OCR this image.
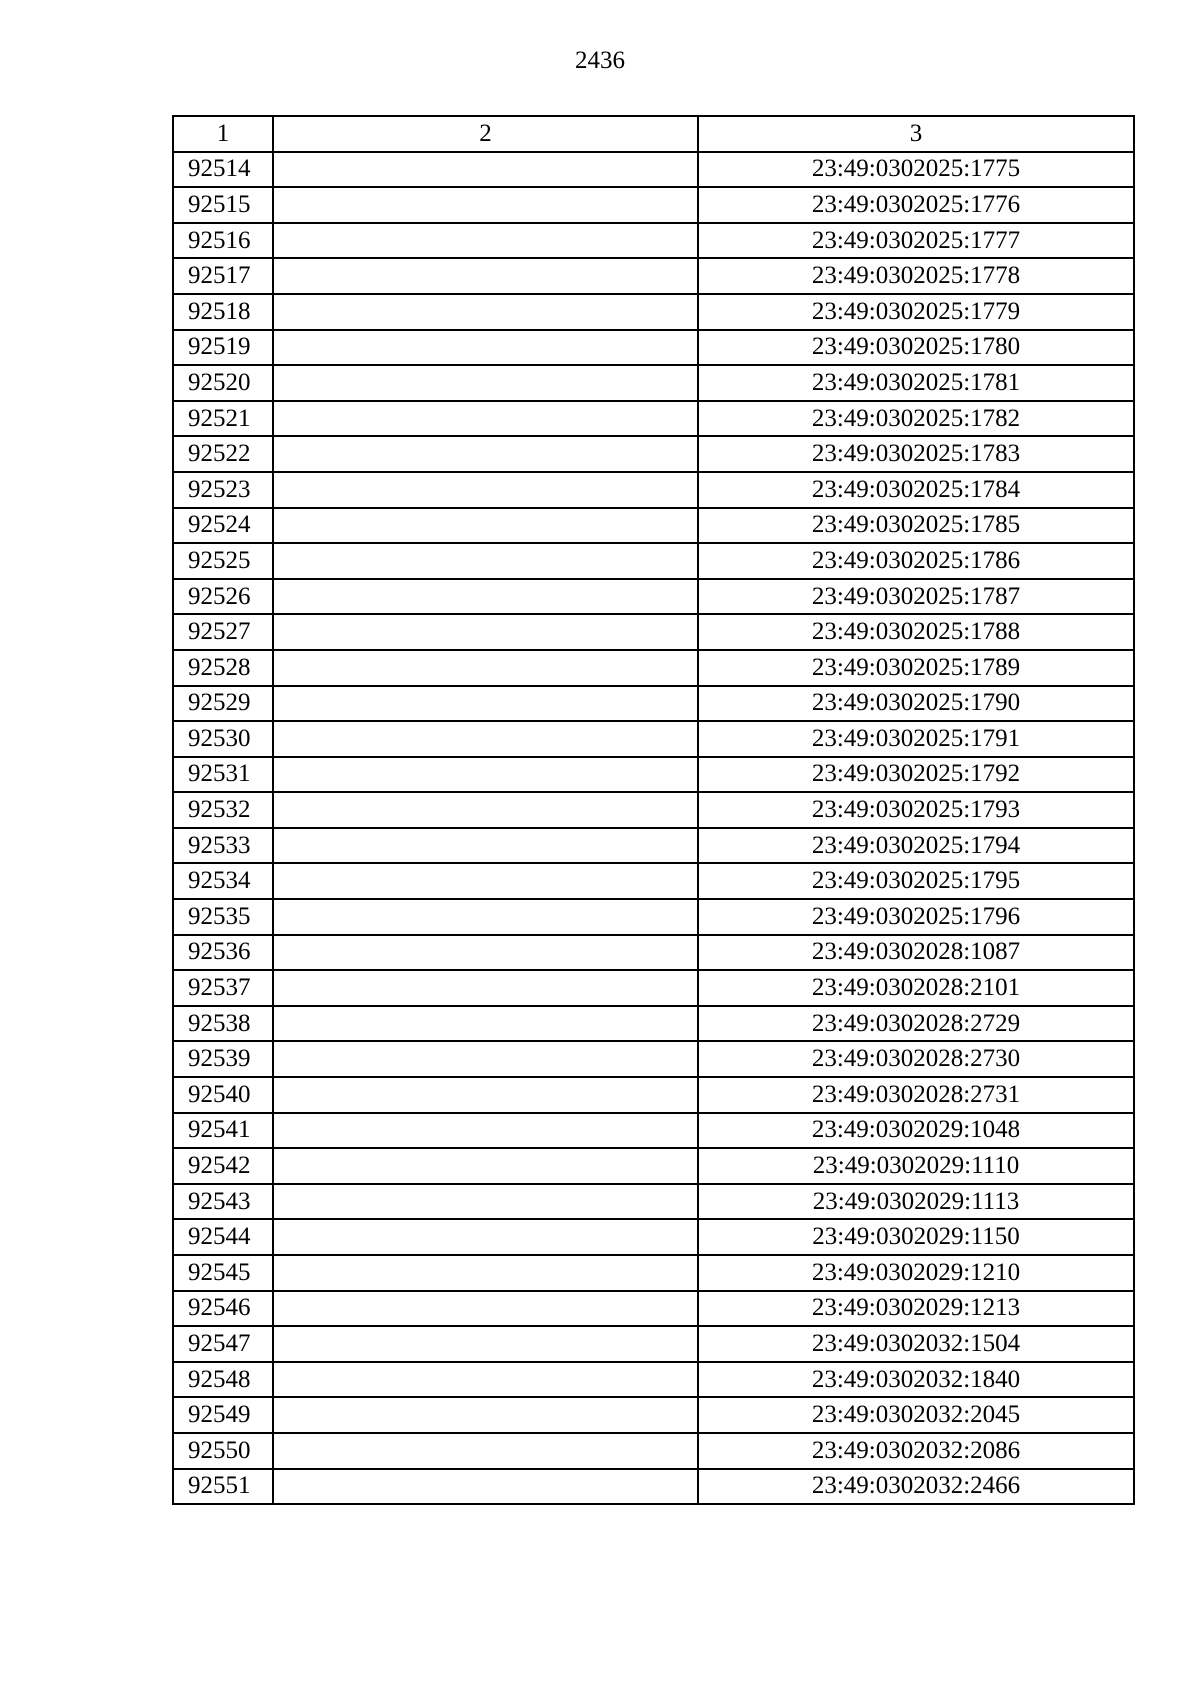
2436
1	2	3
92514		23:49:0302025:1775
92515		23:49:0302025:1776
92516		23:49:0302025:1777
92517		23:49:0302025:1778
92518		23:49:0302025:1779
92519		23:49:0302025:1780
92520		23:49:0302025:1781
92521		23:49:0302025:1782
92522		23:49:0302025:1783
92523		23:49:0302025:1784
92524		23:49:0302025:1785
92525		23:49:0302025:1786
92526		23:49:0302025:1787
92527		23:49:0302025:1788
92528		23:49:0302025:1789
92529		23:49:0302025:1790
92530		23:49:0302025:1791
92531		23:49:0302025:1792
92532		23:49:0302025:1793
92533		23:49:0302025:1794
92534		23:49:0302025:1795
92535		23:49:0302025:1796
92536		23:49:0302028:1087
92537		23:49:0302028:2101
92538		23:49:0302028:2729
92539		23:49:0302028:2730
92540		23:49:0302028:2731
92541		23:49:0302029:1048
92542		23:49:0302029:1110
92543		23:49:0302029:1113
92544		23:49:0302029:1150
92545		23:49:0302029:1210
92546		23:49:0302029:1213
92547		23:49:0302032:1504
92548		23:49:0302032:1840
92549		23:49:0302032:2045
92550		23:49:0302032:2086
92551		23:49:0302032:2466
